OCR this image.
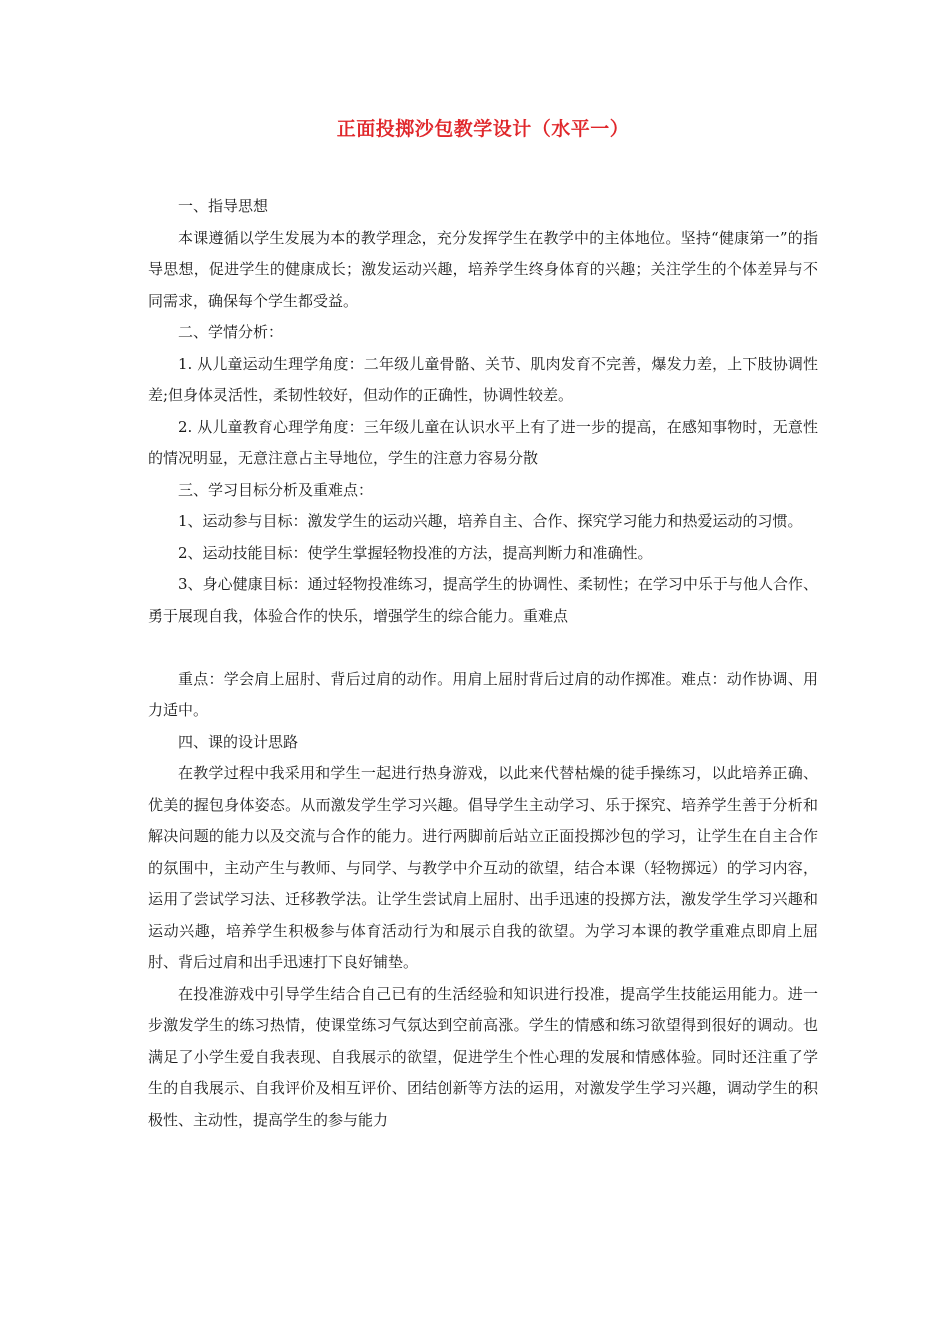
正面投掷沙包教学设计（水平一）

一、指导思想

本课遵循以学生发展为本的教学理念，充分发挥学生在教学中的主体地位。坚持“健康第一”的指导思想，促进学生的健康成长；激发运动兴趣，培养学生终身体育的兴趣；关注学生的个体差异与不同需求，确保每个学生都受益。

二、学情分析：

1. 从儿童运动生理学角度：二年级儿童骨骼、关节、肌肉发育不完善，爆发力差，上下肢协调性差;但身体灵活性，柔韧性较好，但动作的正确性，协调性较差。

2. 从儿童教育心理学角度：三年级儿童在认识水平上有了进一步的提高，在感知事物时，无意性的情况明显，无意注意占主导地位，学生的注意力容易分散

三、学习目标分析及重难点：

1、运动参与目标：激发学生的运动兴趣，培养自主、合作、探究学习能力和热爱运动的习惯。

2、运动技能目标：使学生掌握轻物投准的方法，提高判断力和准确性。

3、身心健康目标：通过轻物投准练习，提高学生的协调性、柔韧性；在学习中乐于与他人合作、勇于展现自我，体验合作的快乐，增强学生的综合能力。重难点

重点：学会肩上屈肘、背后过肩的动作。用肩上屈肘背后过肩的动作掷准。难点：动作协调、用力适中。

四、课的设计思路

在教学过程中我采用和学生一起进行热身游戏，以此来代替枯燥的徒手操练习，以此培养正确、优美的握包身体姿态。从而激发学生学习兴趣。倡导学生主动学习、乐于探究、培养学生善于分析和解决问题的能力以及交流与合作的能力。进行两脚前后站立正面投掷沙包的学习，让学生在自主合作的氛围中，主动产生与教师、与同学、与教学中介互动的欲望，结合本课（轻物掷远）的学习内容，运用了尝试学习法、迁移教学法。让学生尝试肩上屈肘、出手迅速的投掷方法，激发学生学习兴趣和运动兴趣，培养学生积极参与体育活动行为和展示自我的欲望。为学习本课的教学重难点即肩上屈肘、背后过肩和出手迅速打下良好铺垫。

在投准游戏中引导学生结合自己已有的生活经验和知识进行投准，提高学生技能运用能力。进一步激发学生的练习热情，使课堂练习气氛达到空前高涨。学生的情感和练习欲望得到很好的调动。也满足了小学生爱自我表现、自我展示的欲望，促进学生个性心理的发展和情感体验。同时还注重了学生的自我展示、自我评价及相互评价、团结创新等方法的运用，对激发学生学习兴趣，调动学生的积极性、主动性，提高学生的参与能力
